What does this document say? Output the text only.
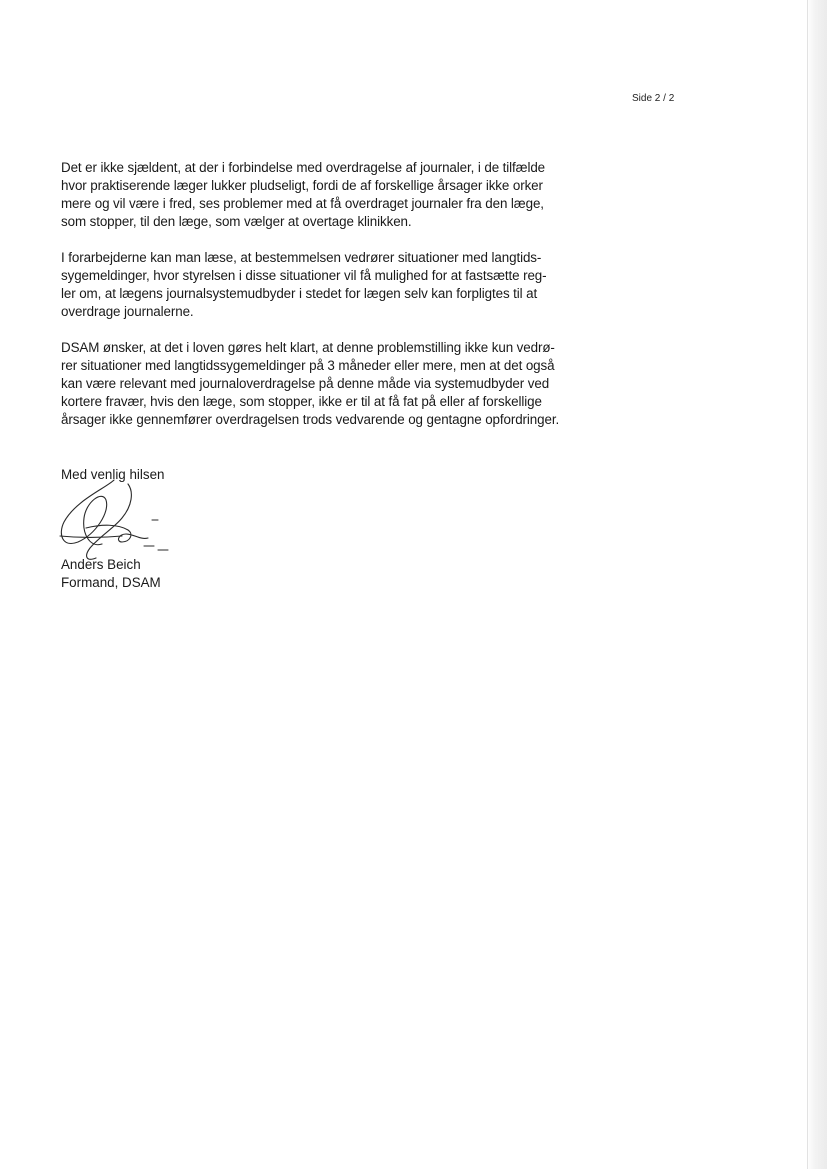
Side 2 / 2

Det er ikke sjældent, at der i forbindelse med overdragelse af journaler, i de tilfælde
hvor praktiserende læger lukker pludseligt, fordi de af forskellige årsager ikke orker
mere og vil være i fred, ses problemer med at få overdraget journaler fra den læge,
som stopper, til den læge, som vælger at overtage klinikken.

I forarbejderne kan man læse, at bestemmelsen vedrører situationer med langtids-
sygemeldinger, hvor styrelsen i disse situationer vil få mulighed for at fastsætte reg-
ler om, at lægens journalsystemudbyder i stedet for lægen selv kan forpligtes til at
overdrage journalerne.

DSAM ønsker, at det i loven gøres helt klart, at denne problemstilling ikke kun vedrø-
rer situationer med langtidssygemeldinger på 3 måneder eller mere, men at det også
kan være relevant med journaloverdragelse på denne måde via systemudbyder ved
kortere fravær, hvis den læge, som stopper, ikke er til at få fat på eller af forskellige
årsager ikke gennemfører overdragelsen trods vedvarende og gentagne opfordringer.

Med venlig hilsen
Anders Beich
Formand, DSAM
